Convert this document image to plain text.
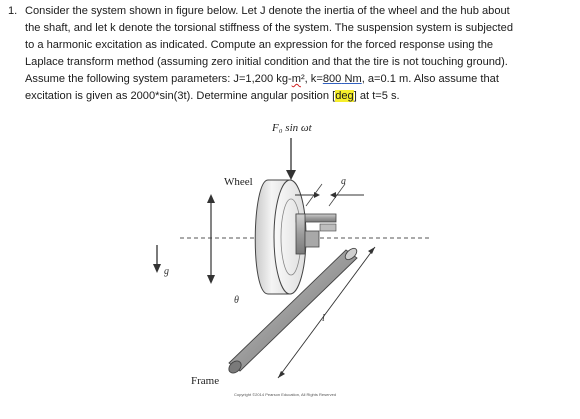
1. Consider the system shown in figure below. Let J denote the inertia of the wheel and the hub about
the shaft, and let k denote the torsional stiffness of the system. The suspension system is subjected
to a harmonic excitation as indicated. Compute an expression for the forced response using the
Laplace transform method (assuming zero initial condition and that the tire is not touching ground).
Assume the following system parameters: J=1,200 kg-m², k=800 Nm, a=0.1 m. Also assume that
excitation is given as 2000*sin(3t). Determine angular position [deg] at t=5 s.
F₀ sin ωt
g
Wheel	a
l
θ
Frame
Copyright ©2014 Pearson Education, All Rights Reserved
